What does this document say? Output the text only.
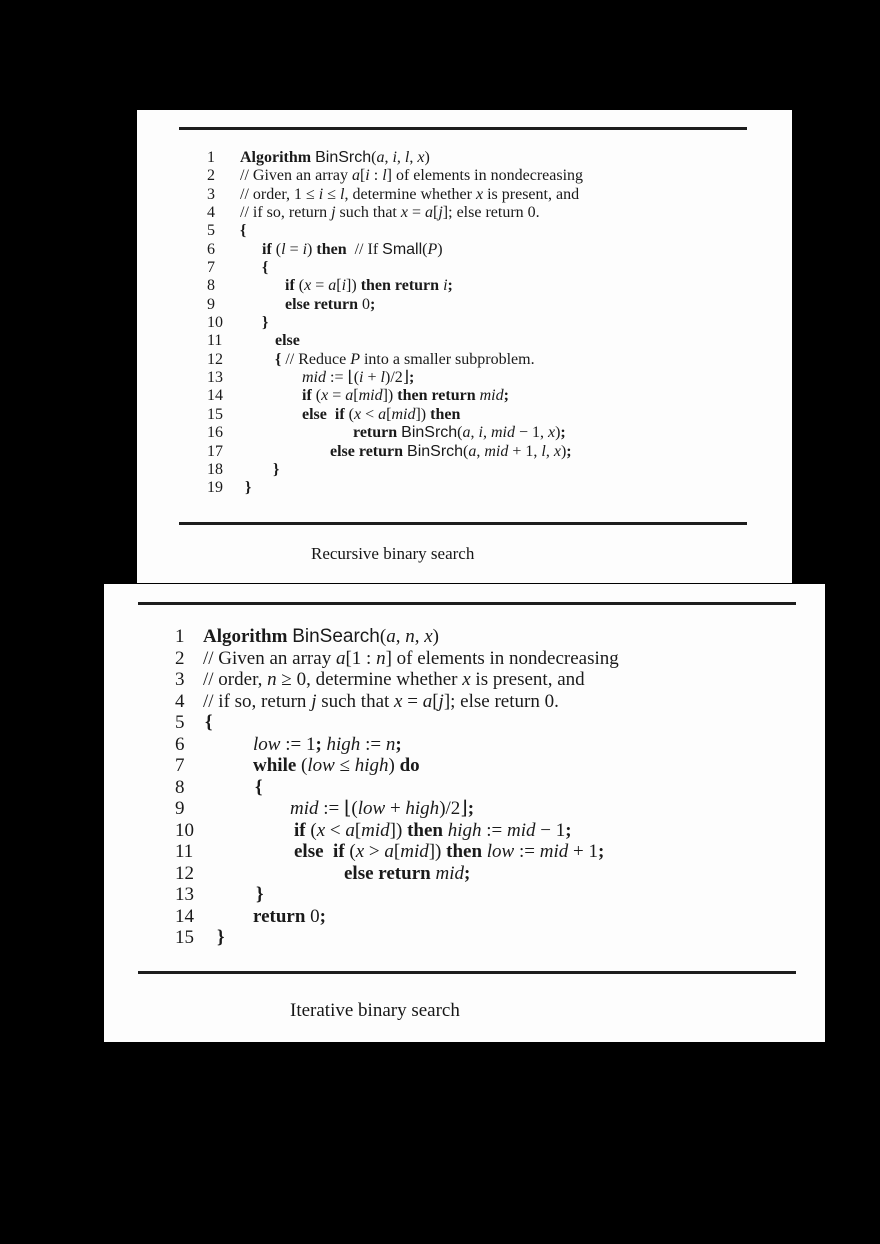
1 Algorithm BinSrch(a, i, l, x)
2 // Given an array a[i : l] of elements in nondecreasing
3 // order, 1 ≤ i ≤ l, determine whether x is present, and
4 // if so, return j such that x = a[j]; else return 0.
5 {
6	if (l = i) then  // If Small(P)
7	{
8	if (x = a[i]) then return i;
9	else return 0;
10 }
11	else
12	{ // Reduce P into a smaller subproblem.
13	mid := ⌊(i + l)/2⌋;
14	if (x = a[mid]) then return mid;
15	else  if (x < a[mid]) then
16	return BinSrch(a, i, mid − 1, x);
17	else return BinSrch(a, mid + 1, l, x);
18	}
19 }
Recursive binary search
1 Algorithm BinSearch(a, n, x)
2 // Given an array a[1 : n] of elements in nondecreasing
3 // order, n ≥ 0, determine whether x is present, and
4 // if so, return j such that x = a[j]; else return 0.
5 {
6	low := 1; high := n;
7	while (low ≤ high) do
8	{
9	mid := ⌊(low + high)/2⌋;
10	if (x < a[mid]) then high := mid − 1;
11	else  if (x > a[mid]) then low := mid + 1;
12	else return mid;
13	}
14	return 0;
15 }
Iterative binary search
